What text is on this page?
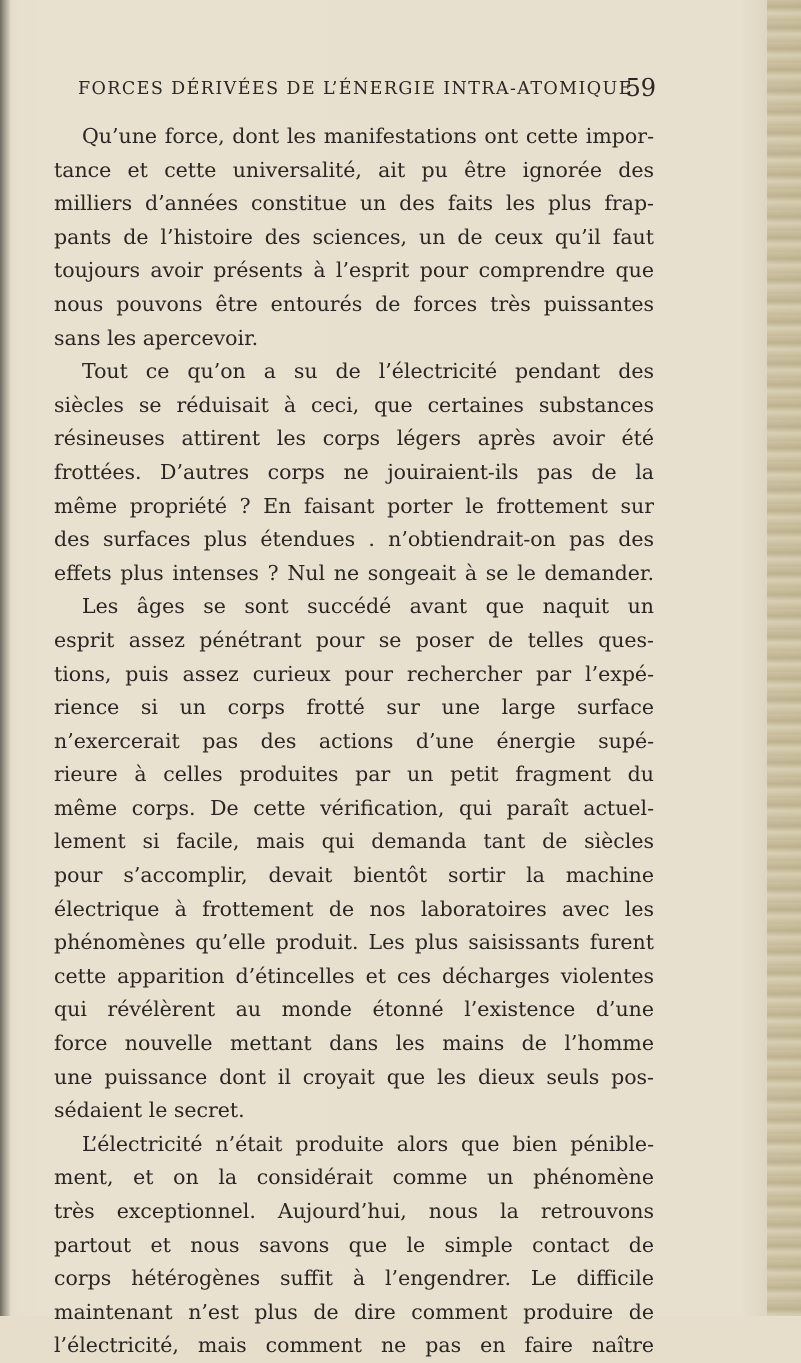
FORCES DÉRIVÉES DE L’ÉNERGIE INTRA-ATOMIQUE
59
Qu’une force, dont les manifestations ont cette impor-
tance et cette universalité, ait pu être ignorée des
milliers d’années constitue un des faits les plus frap-
pants de l’histoire des sciences, un de ceux qu’il faut
toujours avoir présents à l’esprit pour comprendre que
nous pouvons être entourés de forces très puissantes
sans les apercevoir.
Tout ce qu’on a su de l’électricité pendant des
siècles se réduisait à ceci, que certaines substances
résineuses attirent les corps légers après avoir été
frottées. D’autres corps ne jouiraient-ils pas de la
même propriété ? En faisant porter le frottement sur
des surfaces plus étendues . n’obtiendrait-on pas des
effets plus intenses ? Nul ne songeait à se le demander.
Les âges se sont succédé avant que naquit un
esprit assez pénétrant pour se poser de telles ques-
tions, puis assez curieux pour rechercher par l’expé-
rience si un corps frotté sur une large surface
n’exercerait pas des actions d’une énergie supé-
rieure à celles produites par un petit fragment du
même corps. De cette vérification, qui paraît actuel-
lement si facile, mais qui demanda tant de siècles
pour s’accomplir, devait bientôt sortir la machine
électrique à frottement de nos laboratoires avec les
phénomènes qu’elle produit. Les plus saisissants furent
cette apparition d’étincelles et ces décharges violentes
qui révélèrent au monde étonné l’existence d’une
force nouvelle mettant dans les mains de l’homme
une puissance dont il croyait que les dieux seuls pos-
sédaient le secret.
L’électricité n’était produite alors que bien pénible-
ment, et on la considérait comme un phénomène
très exceptionnel. Aujourd’hui, nous la retrouvons
partout et nous savons que le simple contact de
corps hétérogènes suffit à l’engendrer. Le difficile
maintenant n’est plus de dire comment produire de
l’électricité, mais comment ne pas en faire naître
